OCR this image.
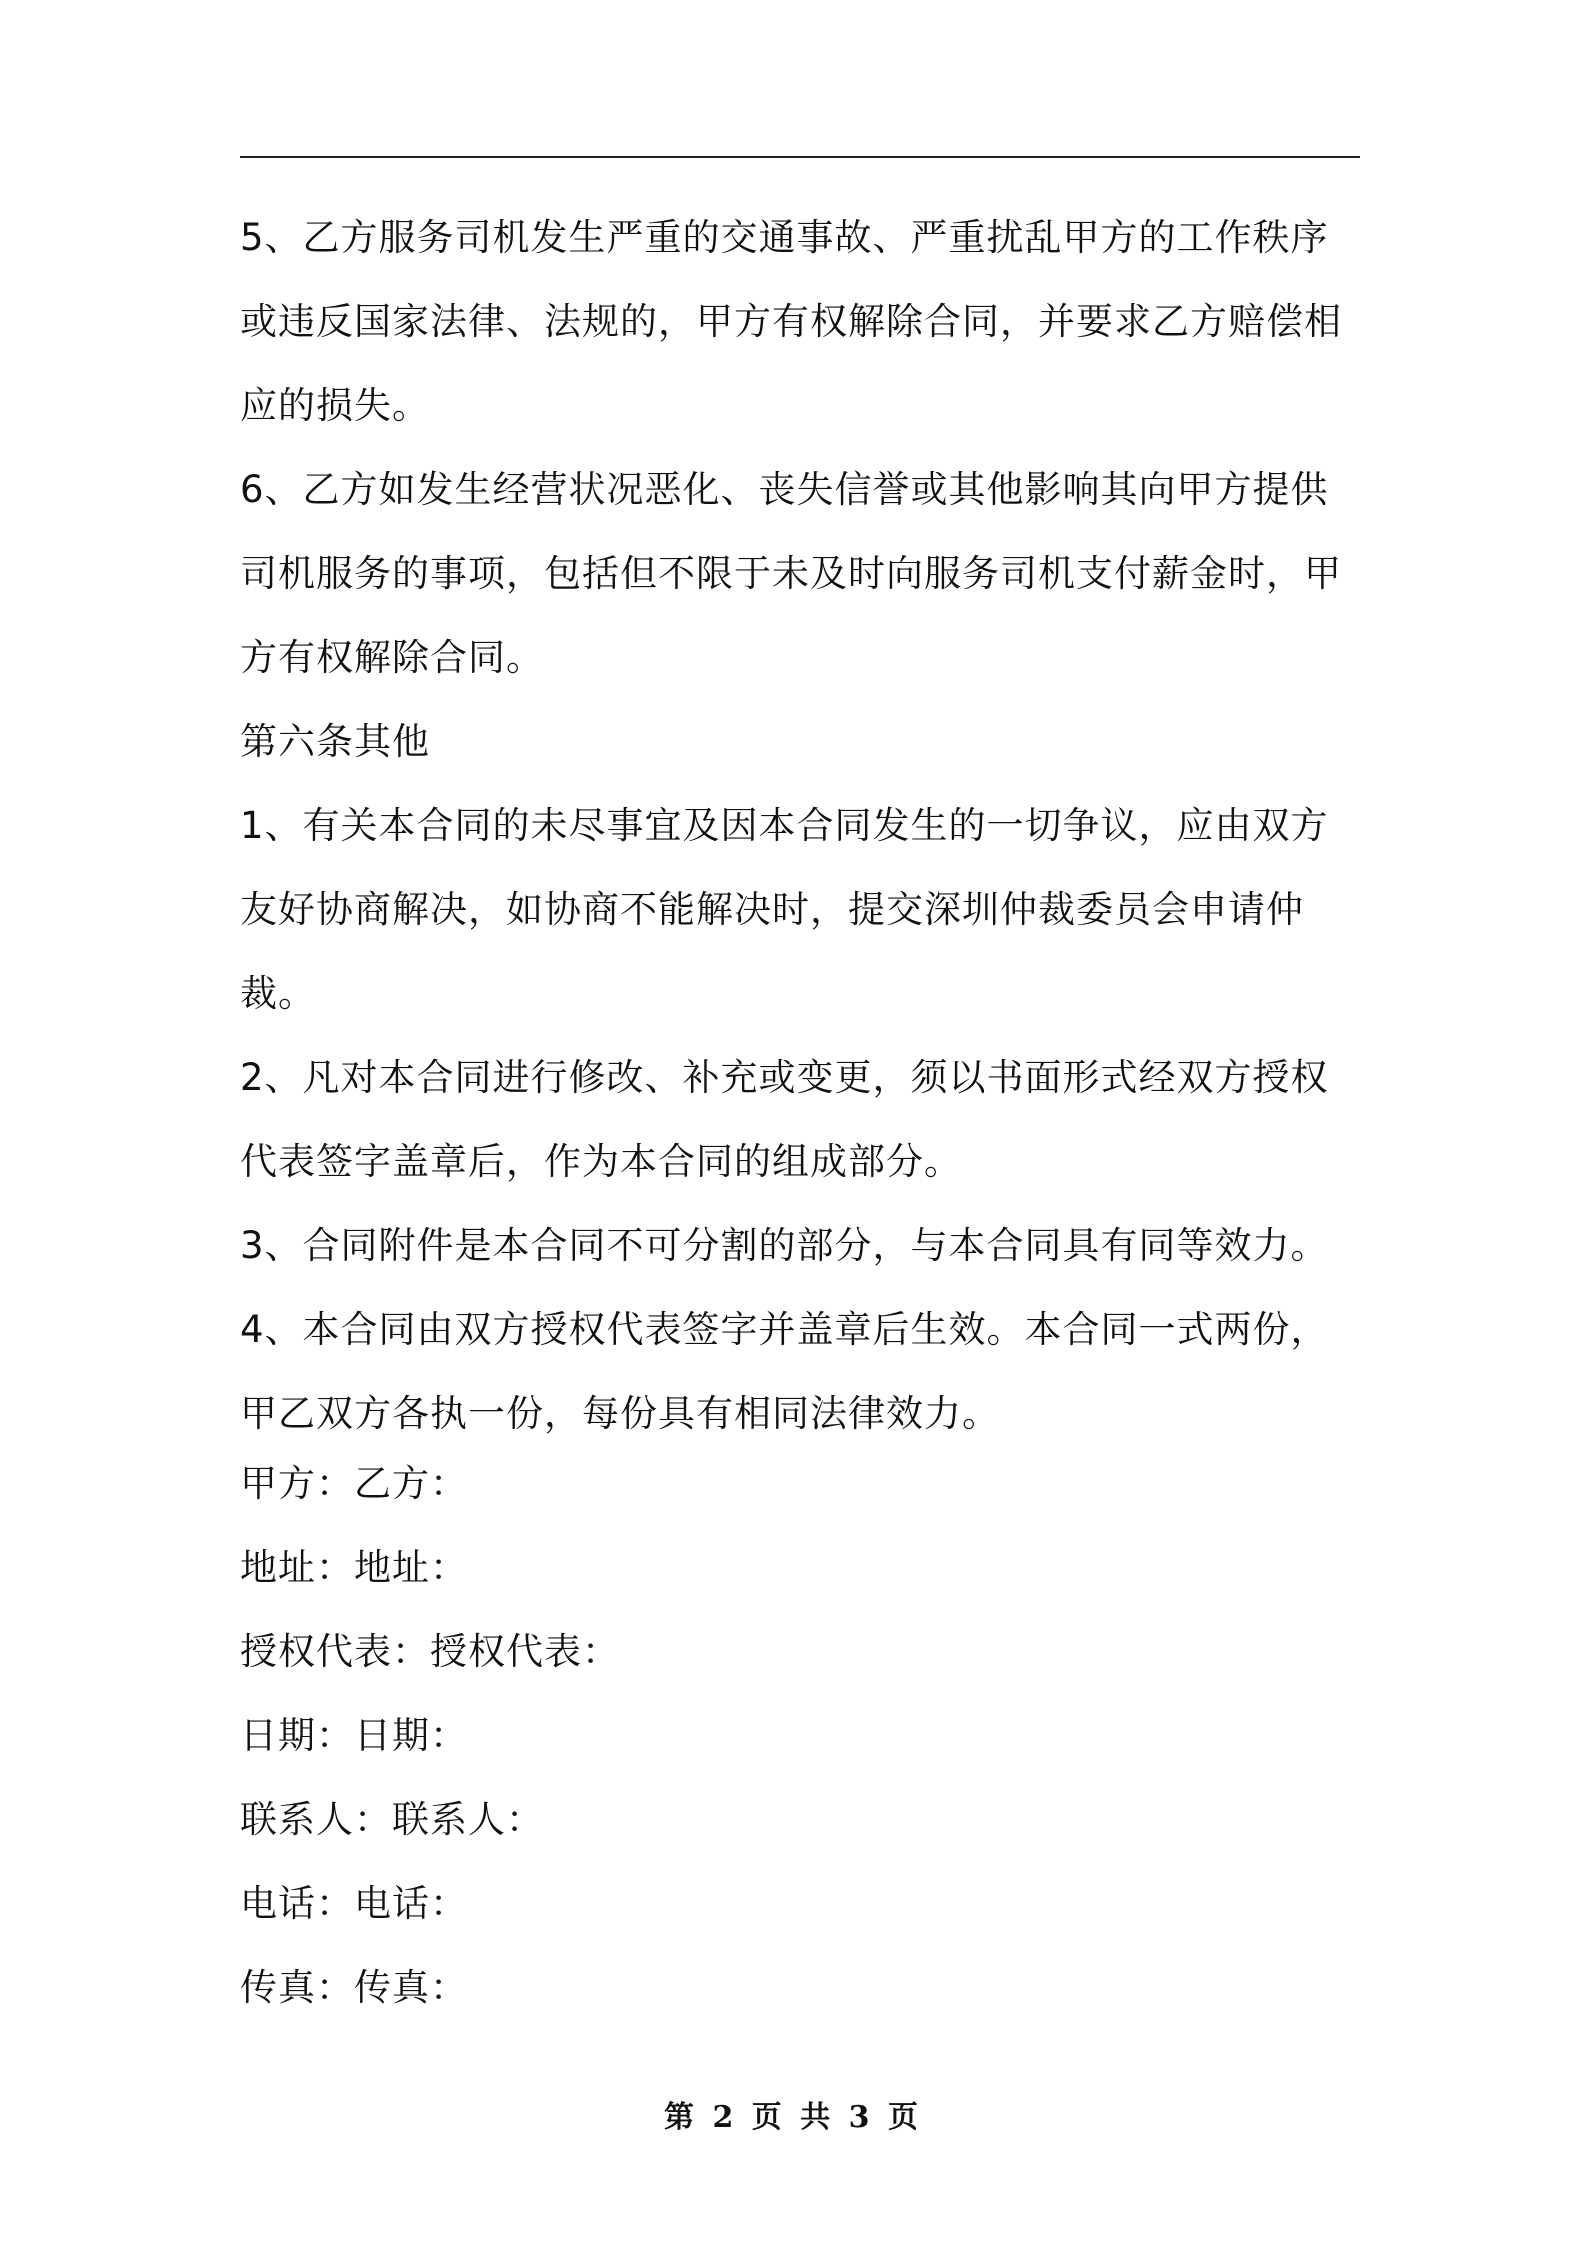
5、乙方服务司机发生严重的交通事故、严重扰乱甲方的工作秩序或违反国家法律、法规的，甲方有权解除合同，并要求乙方赔偿相应的损失。

6、乙方如发生经营状况恶化、丧失信誉或其他影响其向甲方提供司机服务的事项，包括但不限于未及时向服务司机支付薪金时，甲方有权解除合同。

第六条其他

1、有关本合同的未尽事宜及因本合同发生的一切争议，应由双方友好协商解决，如协商不能解决时，提交深圳仲裁委员会申请仲裁。

2、凡对本合同进行修改、补充或变更，须以书面形式经双方授权代表签字盖章后，作为本合同的组成部分。

3、合同附件是本合同不可分割的部分，与本合同具有同等效力。

4、本合同由双方授权代表签字并盖章后生效。本合同一式两份，甲乙双方各执一份，每份具有相同法律效力。

甲方：乙方：

地址：地址：

授权代表：授权代表：

日期：日期：

联系人：联系人：

电话：电话：

传真：传真：

第 2 页 共 3 页
